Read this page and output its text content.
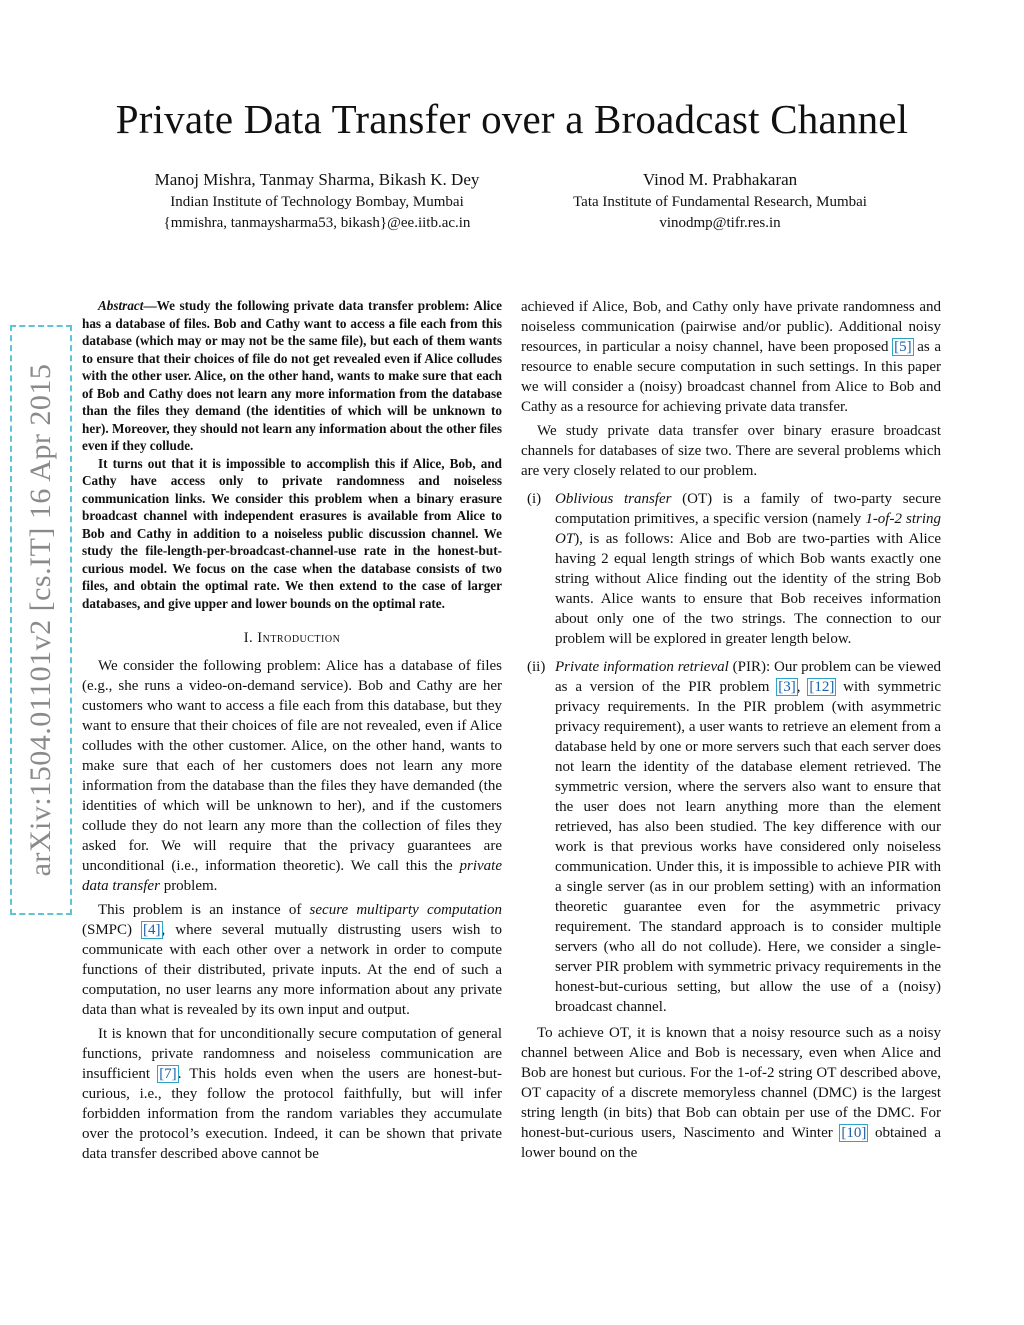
Private Data Transfer over a Broadcast Channel
Manoj Mishra, Tanmay Sharma, Bikash K. Dey
Indian Institute of Technology Bombay, Mumbai
{mmishra, tanmaysharma53, bikash}@ee.iitb.ac.in
Vinod M. Prabhakaran
Tata Institute of Fundamental Research, Mumbai
vinodmp@tifr.res.in
arXiv:1504.01101v2 [cs.IT] 16 Apr 2015

Abstract—We study the following private data transfer problem: Alice has a database of files. Bob and Cathy want to access a file each from this database (which may or may not be the same file), but each of them wants to ensure that their choices of file do not get revealed even if Alice colludes with the other user. Alice, on the other hand, wants to make sure that each of Bob and Cathy does not learn any more information from the database than the files they demand (the identities of which will be unknown to her). Moreover, they should not learn any information about the other files even if they collude.

It turns out that it is impossible to accomplish this if Alice, Bob, and Cathy have access only to private randomness and noiseless communication links. We consider this problem when a binary erasure broadcast channel with independent erasures is available from Alice to Bob and Cathy in addition to a noiseless public discussion channel. We study the file-length-per-broadcast-channel-use rate in the honest-but-curious model. We focus on the case when the database consists of two files, and obtain the optimal rate. We then extend to the case of larger databases, and give upper and lower bounds on the optimal rate.

I. Introduction

We consider the following problem: Alice has a database of files (e.g., she runs a video-on-demand service). Bob and Cathy are her customers who want to access a file each from this database, but they want to ensure that their choices of file are not revealed, even if Alice colludes with the other customer. Alice, on the other hand, wants to make sure that each of her customers does not learn any more information from the database than the files they have demanded (the identities of which will be unknown to her), and if the customers collude they do not learn any more than the collection of files they asked for. We will require that the privacy guarantees are unconditional (i.e., information theoretic). We call this the private data transfer problem.

This problem is an instance of secure multiparty computation (SMPC) [4], where several mutually distrusting users wish to communicate with each other over a network in order to compute functions of their distributed, private inputs. At the end of such a computation, no user learns any more information about any private data than what is revealed by its own input and output.

It is known that for unconditionally secure computation of general functions, private randomness and noiseless communication are insufficient [7]. This holds even when the users are honest-but-curious, i.e., they follow the protocol faithfully, but will infer forbidden information from the random variables they accumulate over the protocol’s execution. Indeed, it can be shown that private data transfer described above cannot be

achieved if Alice, Bob, and Cathy only have private randomness and noiseless communication (pairwise and/or public). Additional noisy resources, in particular a noisy channel, have been proposed [5] as a resource to enable secure computation in such settings. In this paper we will consider a (noisy) broadcast channel from Alice to Bob and Cathy as a resource for achieving private data transfer.

We study private data transfer over binary erasure broadcast channels for databases of size two. There are several problems which are very closely related to our problem.

(i) Oblivious transfer (OT) is a family of two-party secure computation primitives, a specific version (namely 1-of-2 string OT), is as follows: Alice and Bob are two-parties with Alice having 2 equal length strings of which Bob wants exactly one string without Alice finding out the identity of the string Bob wants. Alice wants to ensure that Bob receives information about only one of the two strings. The connection to our problem will be explored in greater length below.

(ii) Private information retrieval (PIR): Our problem can be viewed as a version of the PIR problem [3], [12] with symmetric privacy requirements. In the PIR problem (with asymmetric privacy requirement), a user wants to retrieve an element from a database held by one or more servers such that each server does not learn the identity of the database element retrieved. The symmetric version, where the servers also want to ensure that the user does not learn anything more than the element retrieved, has also been studied. The key difference with our work is that previous works have considered only noiseless communication. Under this, it is impossible to achieve PIR with a single server (as in our problem setting) with an information theoretic guarantee even for the asymmetric privacy requirement. The standard approach is to consider multiple servers (who all do not collude). Here, we consider a single-server PIR problem with symmetric privacy requirements in the honest-but-curious setting, but allow the use of a (noisy) broadcast channel.

To achieve OT, it is known that a noisy resource such as a noisy channel between Alice and Bob is necessary, even when Alice and Bob are honest but curious. For the 1-of-2 string OT described above, OT capacity of a discrete memoryless channel (DMC) is the largest string length (in bits) that Bob can obtain per use of the DMC. For honest-but-curious users, Nascimento and Winter [10] obtained a lower bound on the
